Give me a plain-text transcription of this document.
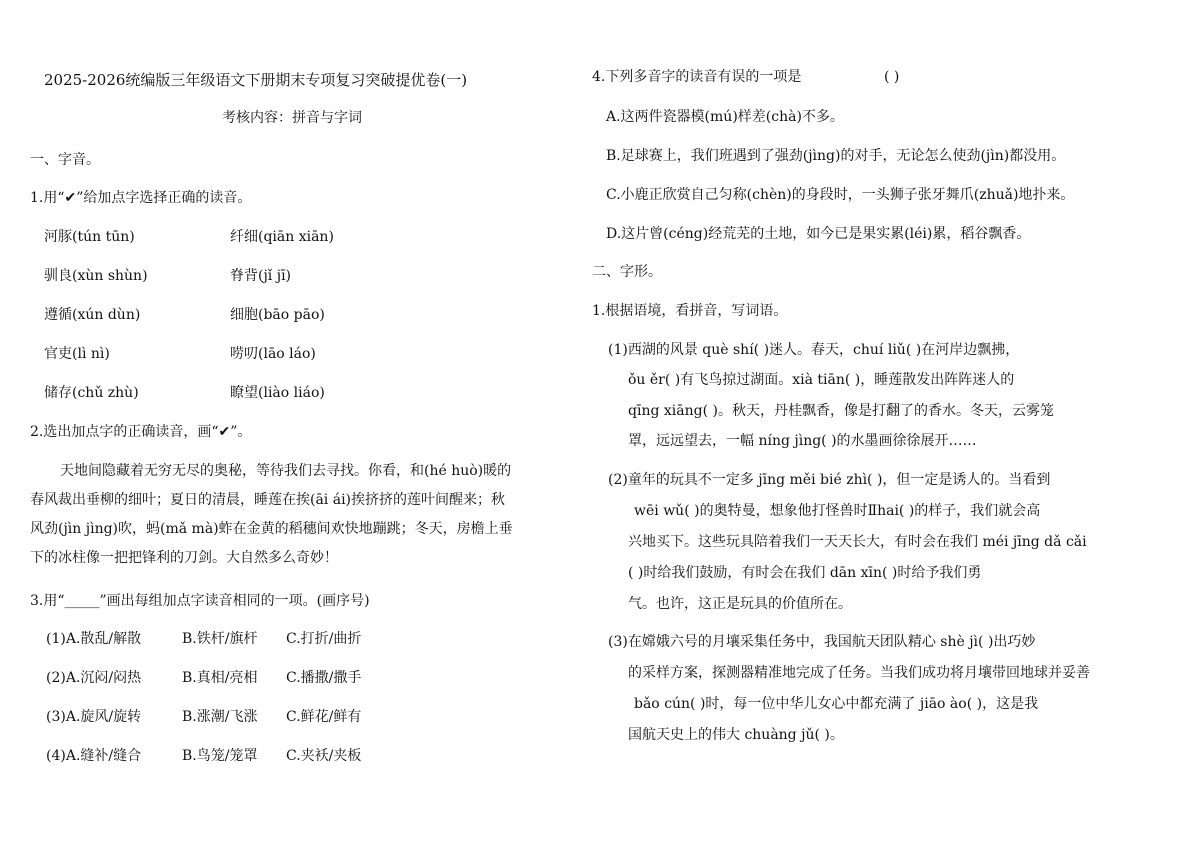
2025-2026统编版三年级语文下册期末专项复习突破提优卷(一)
考核内容：拼音与字词
一、字音。
1.用“✔”给加点字选择正确的读音。
河豚(tún tūn)	纤细(qiān xiān)
驯良(xùn shùn)	脊背(jǐ jī)
遵循(xún dùn)	细胞(bāo pāo)
官吏(lì nì)	唠叨(lāo láo)
储存(chǔ zhù)	瞭望(liào liáo)
2.选出加点字的正确读音，画“✔”。
天地间隐藏着无穷无尽的奥秘，等待我们去寻找。你看，和(hé huò)暖的
春风裁出垂柳的细叶；夏日的清晨，睡莲在挨(āi ái)挨挤挤的莲叶间醒来；秋
风劲(jìn jìng)吹，蚂(mǎ mà)蚱在金黄的稻穗间欢快地蹦跳；冬天，房檐上垂
下的冰柱像一把把锋利的刀剑。大自然多么奇妙！
3.用“_____”画出每组加点字读音相同的一项。(画序号)
(1)A.散乱/解散	B.铁杆/旗杆 C.打折/曲折
(2)A.沉闷/闷热	B.真相/亮相 C.播撒/撒手
(3)A.旋风/旋转	B.涨潮/飞涨 C.鲜花/鲜有
(4)A.缝补/缝合	B.鸟笼/笼罩 C.夹袄/夹板
4.下列多音字的读音有误的一项是	( )
A.这两件瓷器模(mú)样差(chà)不多。
B.足球赛上，我们班遇到了强劲(jìng)的对手，无论怎么使劲(jìn)都没用。
C.小鹿正欣赏自己匀称(chèn)的身段时，一头狮子张牙舞爪(zhuǎ)地扑来。
D.这片曾(céng)经荒芜的土地，如今已是果实累(léi)累，稻谷飘香。
二、字形。
1.根据语境，看拼音，写词语。
(1)西湖的风景 què shí( )迷人。春天，chuí liǔ( )在河岸边飘拂，
ǒu ěr( )有飞鸟掠过湖面。xià tiān( )，睡莲散发出阵阵迷人的
qīng xiāng( )。秋天，丹桂飘香，像是打翻了的香水。冬天，云雾笼
罩，远远望去，一幅 níng jìng( )的水墨画徐徐展开……
(2)童年的玩具不一定多 jīng měi bié zhì( )，但一定是诱人的。当看到
wēi wǔ( )的奥特曼，想象他打怪兽时Ⅱhai( )的样子，我们就会高
兴地买下。这些玩具陪着我们一天天长大，有时会在我们 méi jīng dǎ cǎi
( )时给我们鼓励，有时会在我们 dān xīn( )时给予我们勇
气。也许，这正是玩具的价值所在。
(3)在嫦娥六号的月壤采集任务中，我国航天团队精心 shè jì( )出巧妙
的采样方案，探测器精准地完成了任务。当我们成功将月壤带回地球并妥善
bǎo cún( )时，每一位中华儿女心中都充满了 jiāo ào( )，这是我
国航天史上的伟大 chuàng jǔ( )。
